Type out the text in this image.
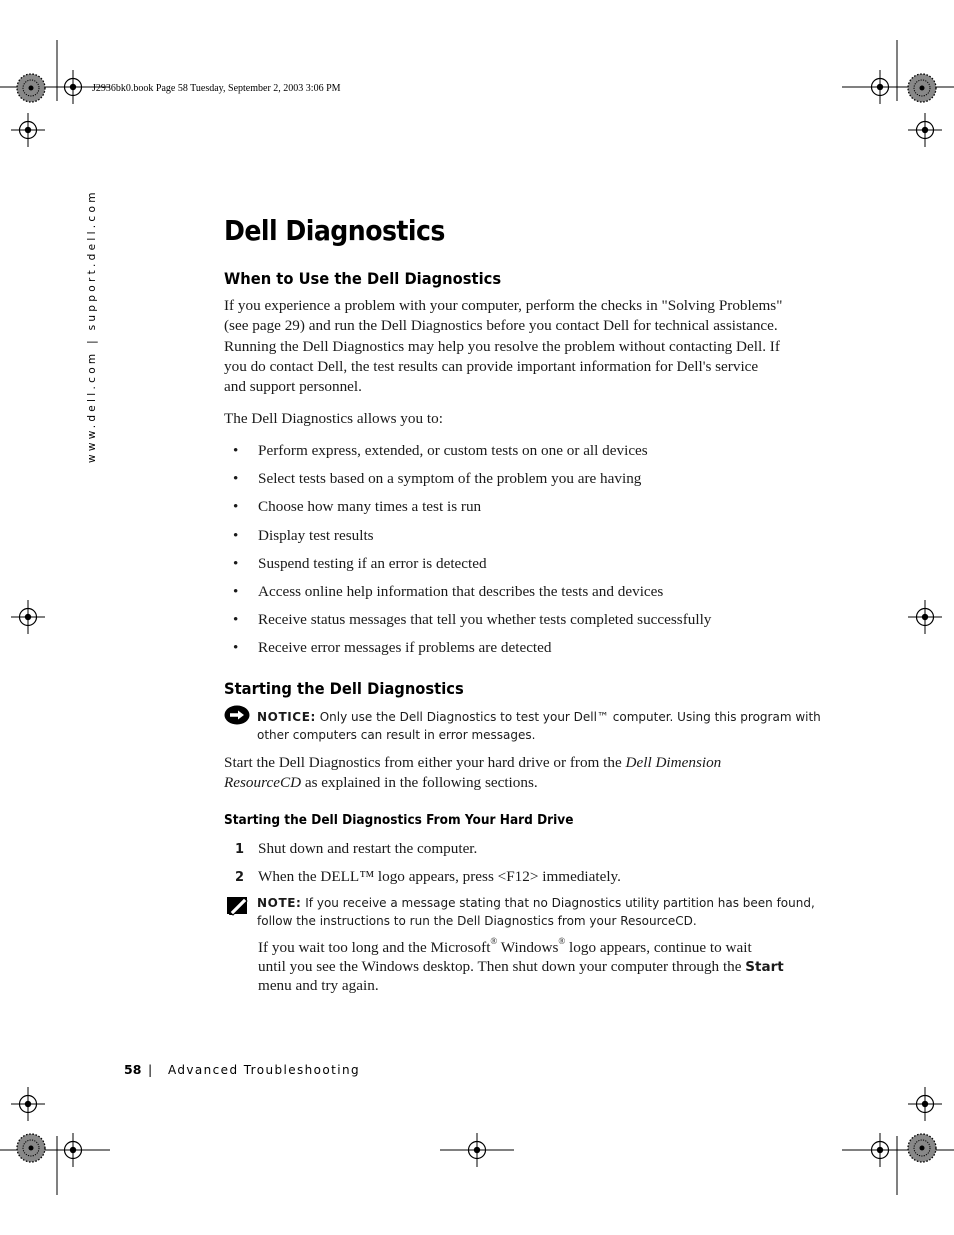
J2936bk0.book Page 58 Tuesday, September 2, 2003 3:06 PM
www.dell.com | support.dell.com	Dell Diagnostics
When to Use the Dell Diagnostics

If you experience a problem with your computer, perform the checks in "Solving Problems"
(see page 29) and run the Dell Diagnostics before you contact Dell for technical assistance.
Running the Dell Diagnostics may help you resolve the problem without contacting Dell. If
you do contact Dell, the test results can provide important information for Dell's service
and support personnel.

The Dell Diagnostics allows you to:

• Perform express, extended, or custom tests on one or all devices
• Select tests based on a symptom of the problem you are having
• Choose how many times a test is run
• Display test results
• Suspend testing if an error is detected
• Access online help information that describes the tests and devices
• Receive status messages that tell you whether tests completed successfully
• Receive error messages if problems are detected
Starting the Dell Diagnostics
NOTICE: Only use the Dell Diagnostics to test your Dell™ computer. Using this program with
other computers can result in error messages.

Start the Dell Diagnostics from either your hard drive or from the Dell Dimension
ResourceCD as explained in the following sections.

Starting the Dell Diagnostics From Your Hard Drive
1 Shut down and restart the computer.
2 When the DELL™ logo appears, press <F12> immediately.
NOTE: If you receive a message stating that no Diagnostics utility partition has been found,
follow the instructions to run the Dell Diagnostics from your ResourceCD.

If you wait too long and the Microsoft® Windows® logo appears, continue to wait
until you see the Windows desktop. Then shut down your computer through the Start
menu and try again.

58 | Advanced Troubleshooting
